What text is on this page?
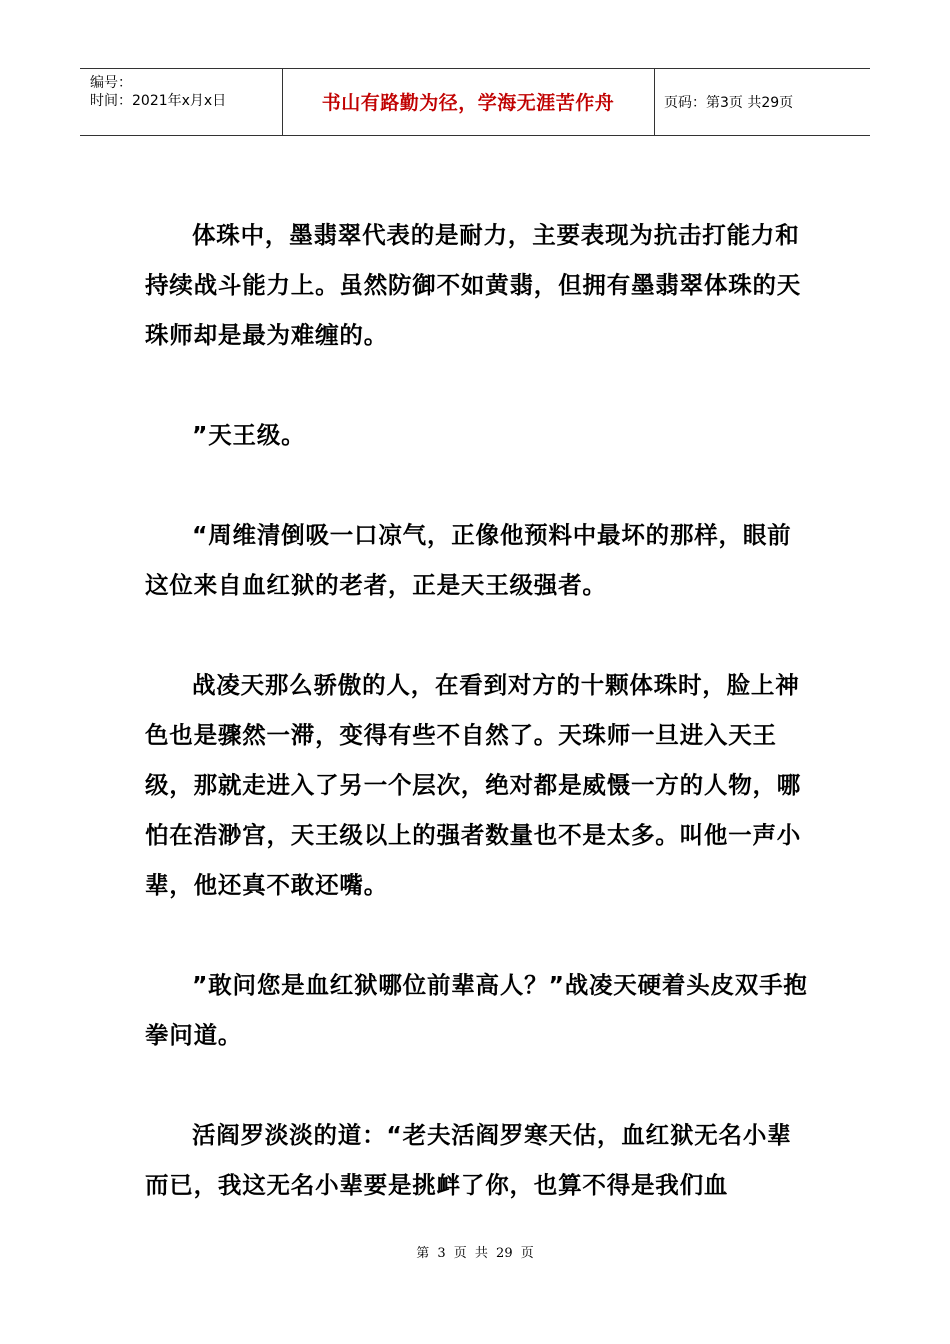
编号：
时间：2021年x月x日	书山有路勤为径，学海无涯苦作舟	页码：第3页 共29页

体珠中，墨翡翠代表的是耐力，主要表现为抗击打能力和持续战斗能力上。虽然防御不如黄翡，但拥有墨翡翠体珠的天珠师却是最为难缠的。

”天王级。

“周维清倒吸一口凉气，正像他预料中最坏的那样，眼前这位来自血红狱的老者，正是天王级强者。

战凌天那么骄傲的人，在看到对方的十颗体珠时，脸上神色也是骤然一滞，变得有些不自然了。天珠师一旦进入天王级，那就走进入了另一个层次，绝对都是威慑一方的人物，哪怕在浩渺宫，天王级以上的强者数量也不是太多。叫他一声小辈，他还真不敢还嘴。

”敢问您是血红狱哪位前辈高人？”战凌天硬着头皮双手抱拳问道。

活阎罗淡淡的道：“老夫活阎罗寒天估，血红狱无名小辈而已，我这无名小辈要是挑衅了你，也算不得是我们血

第 3 页 共 29 页
